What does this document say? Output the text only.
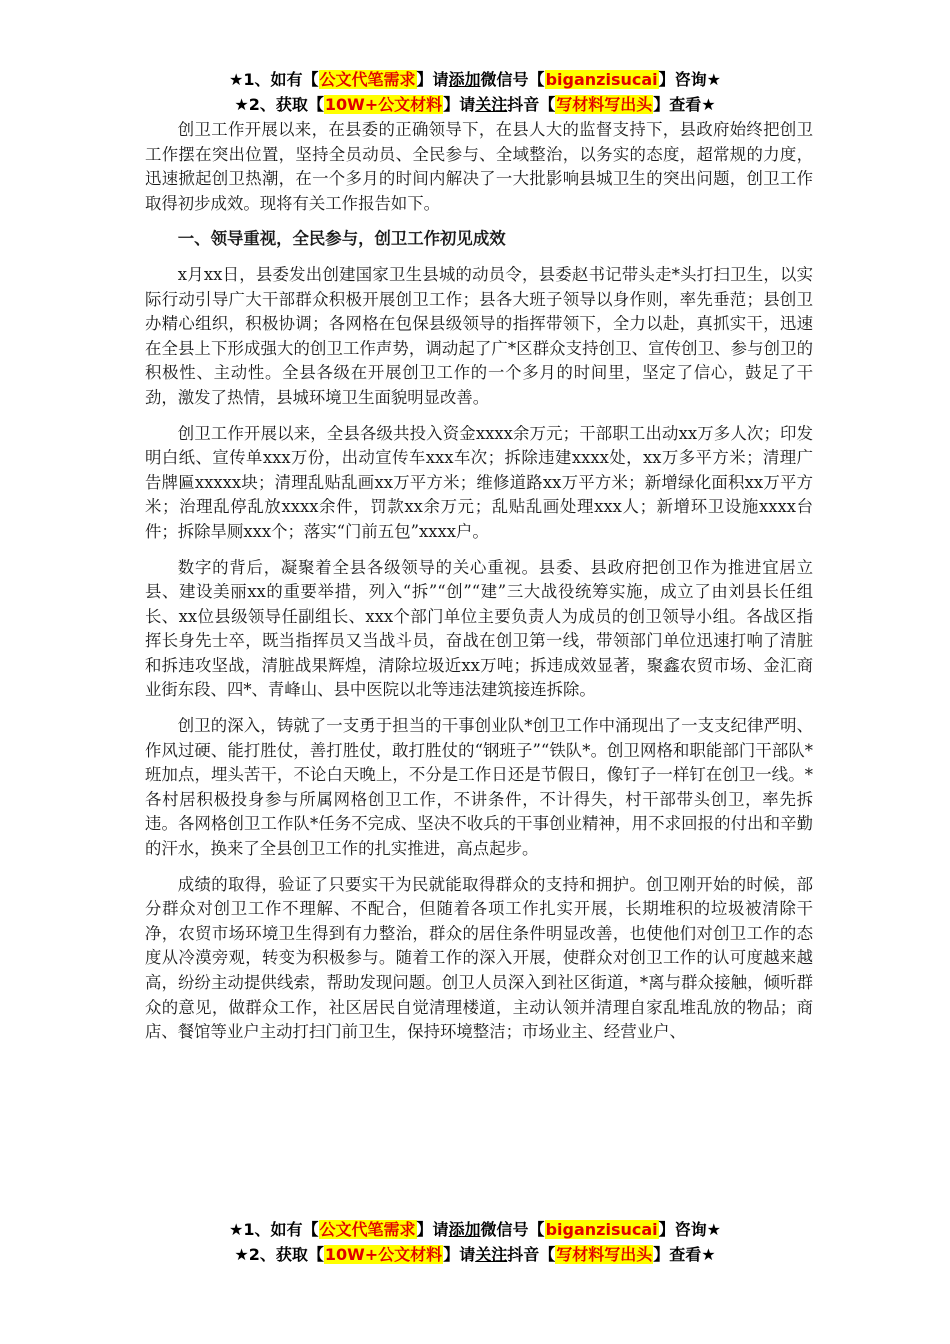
★1、如有【公文代笔需求】请添加微信号【biganzisucai】咨询★
★2、获取【10W+公文材料】请关注抖音【写材料写出头】查看★

创卫工作开展以来，在县委的正确领导下，在县人大的监督支持下，县政府始终把创卫工作摆在突出位置，坚持全员动员、全民参与、全域整治，以务实的态度，超常规的力度，迅速掀起创卫热潮，在一个多月的时间内解决了一大批影响县城卫生的突出问题，创卫工作取得初步成效。现将有关工作报告如下。

一、领导重视，全民参与，创卫工作初见成效

x月xx日，县委发出创建国家卫生县城的动员令，县委赵书记带头走*头打扫卫生，以实际行动引导广大干部群众积极开展创卫工作；县各大班子领导以身作则，率先垂范；县创卫办精心组织，积极协调；各网格在包保县级领导的指挥带领下，全力以赴，真抓实干，迅速在全县上下形成强大的创卫工作声势，调动起了广*区群众支持创卫、宣传创卫、参与创卫的积极性、主动性。全县各级在开展创卫工作的一个多月的时间里，坚定了信心，鼓足了干劲，激发了热情，县城环境卫生面貌明显改善。

创卫工作开展以来，全县各级共投入资金xxxx余万元；干部职工出动xx万多人次；印发明白纸、宣传单xxx万份，出动宣传车xxx车次；拆除违建xxxx处，xx万多平方米；清理广告牌匾xxxxx块；清理乱贴乱画xx万平方米；维修道路xx万平方米；新增绿化面积xx万平方米；治理乱停乱放xxxx余件，罚款xx余万元；乱贴乱画处理xxx人；新增环卫设施xxxx台件；拆除旱厕xxx个；落实“门前五包”xxxx户。

数字的背后，凝聚着全县各级领导的关心重视。县委、县政府把创卫作为推进宜居立县、建设美丽xx的重要举措，列入“拆”“创”“建”三大战役统筹实施，成立了由刘县长任组长、xx位县级领导任副组长、xxx个部门单位主要负责人为成员的创卫领导小组。各战区指挥长身先士卒，既当指挥员又当战斗员，奋战在创卫第一线，带领部门单位迅速打响了清脏和拆违攻坚战，清脏战果辉煌，清除垃圾近xx万吨；拆违成效显著，聚鑫农贸市场、金汇商业街东段、四*、青峰山、县中医院以北等违法建筑接连拆除。

创卫的深入，铸就了一支勇于担当的干事创业队*创卫工作中涌现出了一支支纪律严明、作风过硬、能打胜仗，善打胜仗，敢打胜仗的“钢班子”“铁队*。创卫网格和职能部门干部队*班加点，埋头苦干，不论白天晚上，不分是工作日还是节假日，像钉子一样钉在创卫一线。*各村居积极投身参与所属网格创卫工作，不讲条件，不计得失，村干部带头创卫，率先拆违。各网格创卫工作队*任务不完成、坚决不收兵的干事创业精神，用不求回报的付出和辛勤的汗水，换来了全县创卫工作的扎实推进，高点起步。

成绩的取得，验证了只要实干为民就能取得群众的支持和拥护。创卫刚开始的时候，部分群众对创卫工作不理解、不配合，但随着各项工作扎实开展，长期堆积的垃圾被清除干净，农贸市场环境卫生得到有力整治，群众的居住条件明显改善，也使他们对创卫工作的态度从冷漠旁观，转变为积极参与。随着工作的深入开展，使群众对创卫工作的认可度越来越高，纷纷主动提供线索，帮助发现问题。创卫人员深入到社区街道，*离与群众接触，倾听群众的意见，做群众工作，社区居民自觉清理楼道，主动认领并清理自家乱堆乱放的物品；商店、餐馆等业户主动打扫门前卫生，保持环境整洁；市场业主、经营业户、

★1、如有【公文代笔需求】请添加微信号【biganzisucai】咨询★
★2、获取【10W+公文材料】请关注抖音【写材料写出头】查看★
